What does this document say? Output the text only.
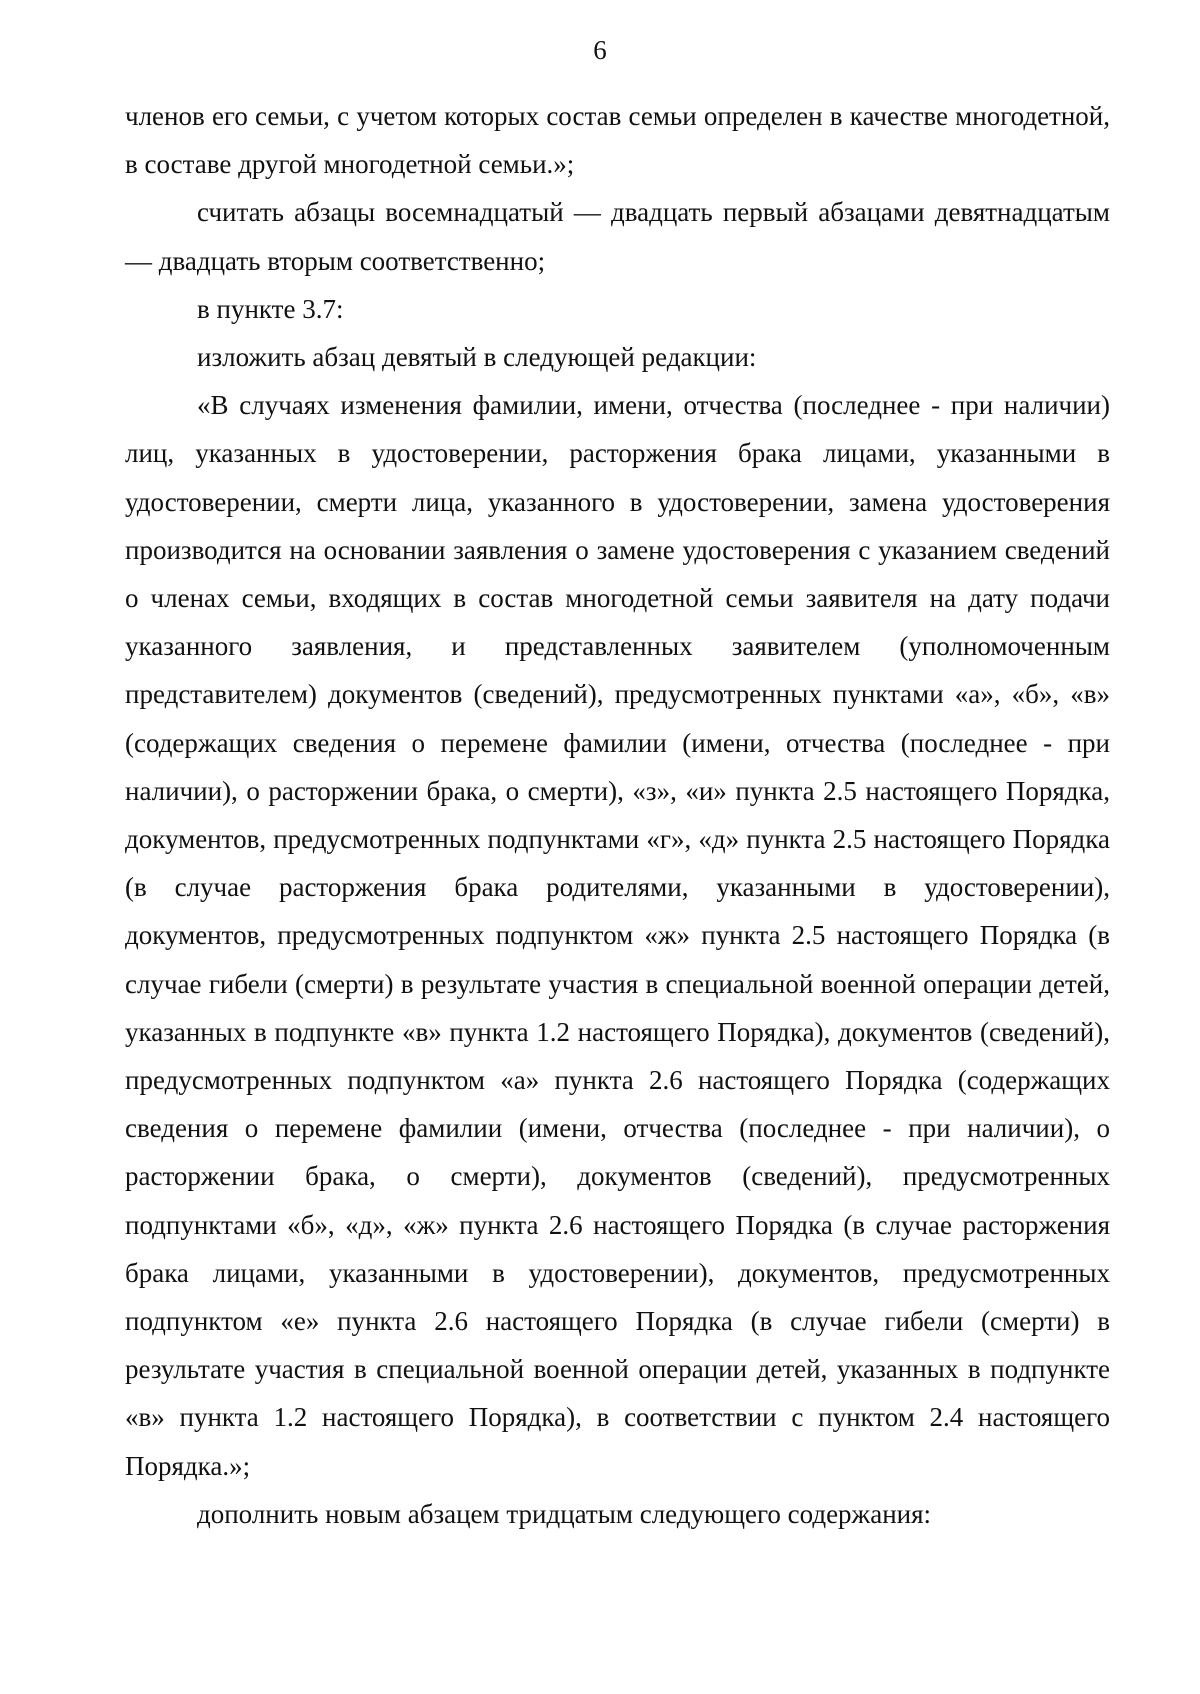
6

членов его семьи, с учетом которых состав семьи определен в качестве многодетной, в составе другой многодетной семьи.»;

считать абзацы восемнадцатый — двадцать первый абзацами девятнадцатым — двадцать вторым соответственно;

в пункте 3.7:

изложить абзац девятый в следующей редакции:

«В случаях изменения фамилии, имени, отчества (последнее - при наличии) лиц, указанных в удостоверении, расторжения брака лицами, указанными в удостоверении, смерти лица, указанного в удостоверении, замена удостоверения производится на основании заявления о замене удостоверения с указанием сведений о членах семьи, входящих в состав многодетной семьи заявителя на дату подачи указанного заявления, и представленных заявителем (уполномоченным представителем) документов (сведений), предусмотренных пунктами «а», «б», «в» (содержащих сведения о перемене фамилии (имени, отчества (последнее - при наличии), о расторжении брака, о смерти), «з», «и» пункта 2.5 настоящего Порядка, документов, предусмотренных подпунктами «г», «д» пункта 2.5 настоящего Порядка (в случае расторжения брака родителями, указанными в удостоверении), документов, предусмотренных подпунктом «ж» пункта 2.5 настоящего Порядка (в случае гибели (смерти) в результате участия в специальной военной операции детей, указанных в подпункте «в» пункта 1.2 настоящего Порядка), документов (сведений), предусмотренных подпунктом «а» пункта 2.6 настоящего Порядка (содержащих сведения о перемене фамилии (имени, отчества (последнее - при наличии), о расторжении брака, о смерти), документов (сведений), предусмотренных подпунктами «б», «д», «ж» пункта 2.6 настоящего Порядка (в случае расторжения брака лицами, указанными в удостоверении), документов, предусмотренных подпунктом «е» пункта 2.6 настоящего Порядка (в случае гибели (смерти) в результате участия в специальной военной операции детей, указанных в подпункте «в» пункта 1.2 настоящего Порядка), в соответствии с пунктом 2.4 настоящего Порядка.»;

дополнить новым абзацем тридцатым следующего содержания:
